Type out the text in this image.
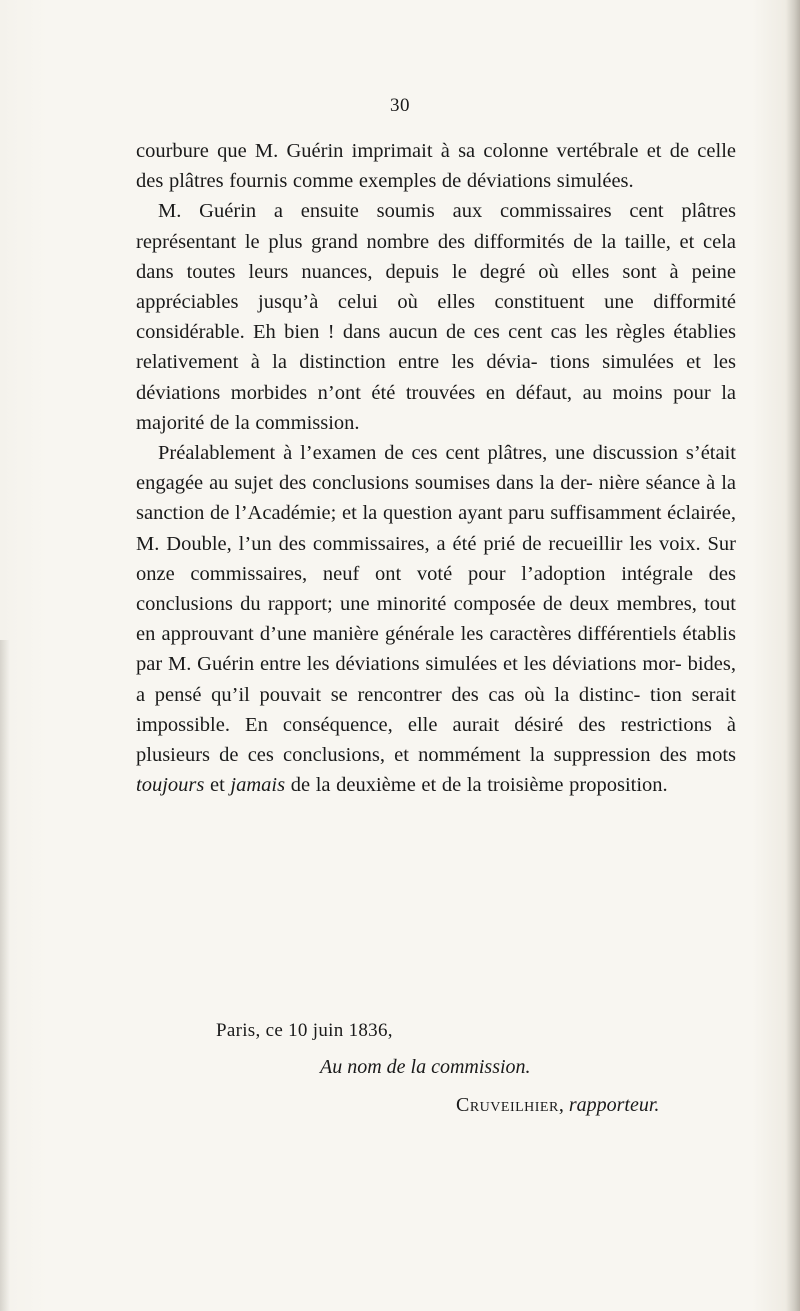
30

courbure que M. Guérin imprimait à sa colonne vertébrale et de celle des plâtres fournis comme exemples de déviations simulées.

M. Guérin a ensuite soumis aux commissaires cent plâtres représentant le plus grand nombre des difformités de la taille, et cela dans toutes leurs nuances, depuis le degré où elles sont à peine appréciables jusqu’à celui où elles constituent une difformité considérable. Eh bien ! dans aucun de ces cent cas les règles établies relativement à la distinction entre les dévia- tions simulées et les déviations morbides n’ont été trouvées en défaut, au moins pour la majorité de la commission.

Préalablement à l’examen de ces cent plâtres, une discussion s’était engagée au sujet des conclusions soumises dans la der- nière séance à la sanction de l’Académie; et la question ayant paru suffisamment éclairée, M. Double, l’un des commissaires, a été prié de recueillir les voix. Sur onze commissaires, neuf ont voté pour l’adoption intégrale des conclusions du rapport; une minorité composée de deux membres, tout en approuvant d’une manière générale les caractères différentiels établis par M. Guérin entre les déviations simulées et les déviations mor- bides, a pensé qu’il pouvait se rencontrer des cas où la distinc- tion serait impossible. En conséquence, elle aurait désiré des restrictions à plusieurs de ces conclusions, et nommément la suppression des mots toujours et jamais de la deuxième et de la troisième proposition.

Paris, ce 10 juin 1836,
Au nom de la commission.
Cruveilhier, rapporteur.
